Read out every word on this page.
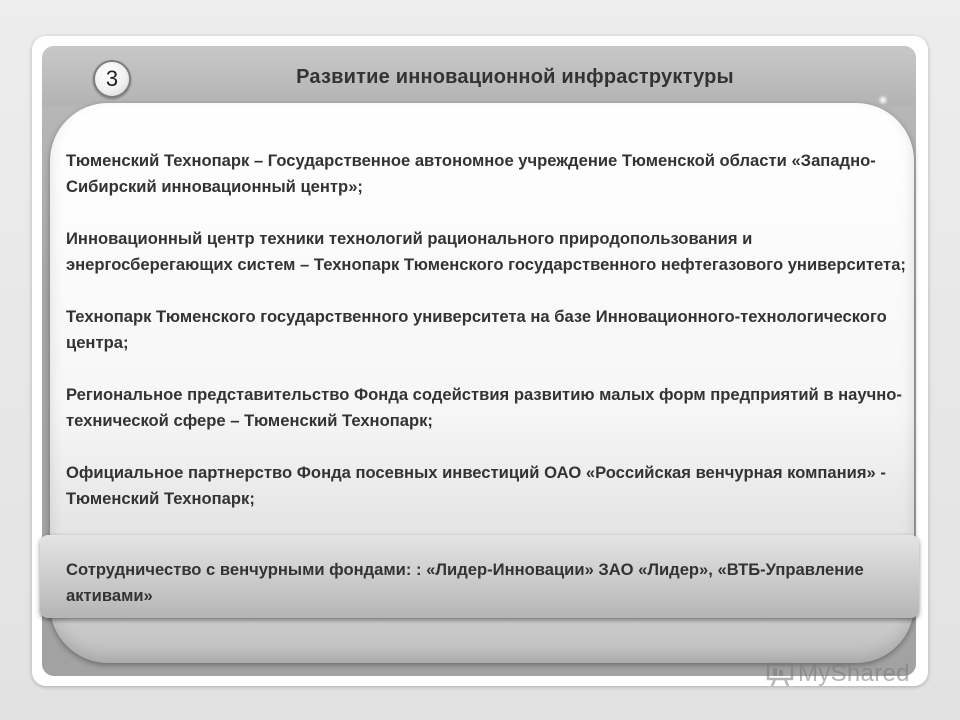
3	Развитие инновационной инфраструктуры

Тюменский Технопарк – Государственное автономное учреждение Тюменской области «Западно-Сибирский инновационный центр»;

Инновационный центр техники технологий рационального природопользования и энергосберегающих систем – Технопарк Тюменского государственного нефтегазового университета;

Технопарк Тюменского государственного университета на базе Инновационного-технологического центра;

Региональное представительство Фонда содействия развитию малых форм предприятий в научно-технической сфере – Тюменский Технопарк;

Официальное партнерство Фонда посевных инвестиций ОАО «Российская венчурная компания» - Тюменский Технопарк;

Сотрудничество с венчурными фондами: : «Лидер-Инновации» ЗАО «Лидер», «ВТБ-Управление активами»
MyShared
